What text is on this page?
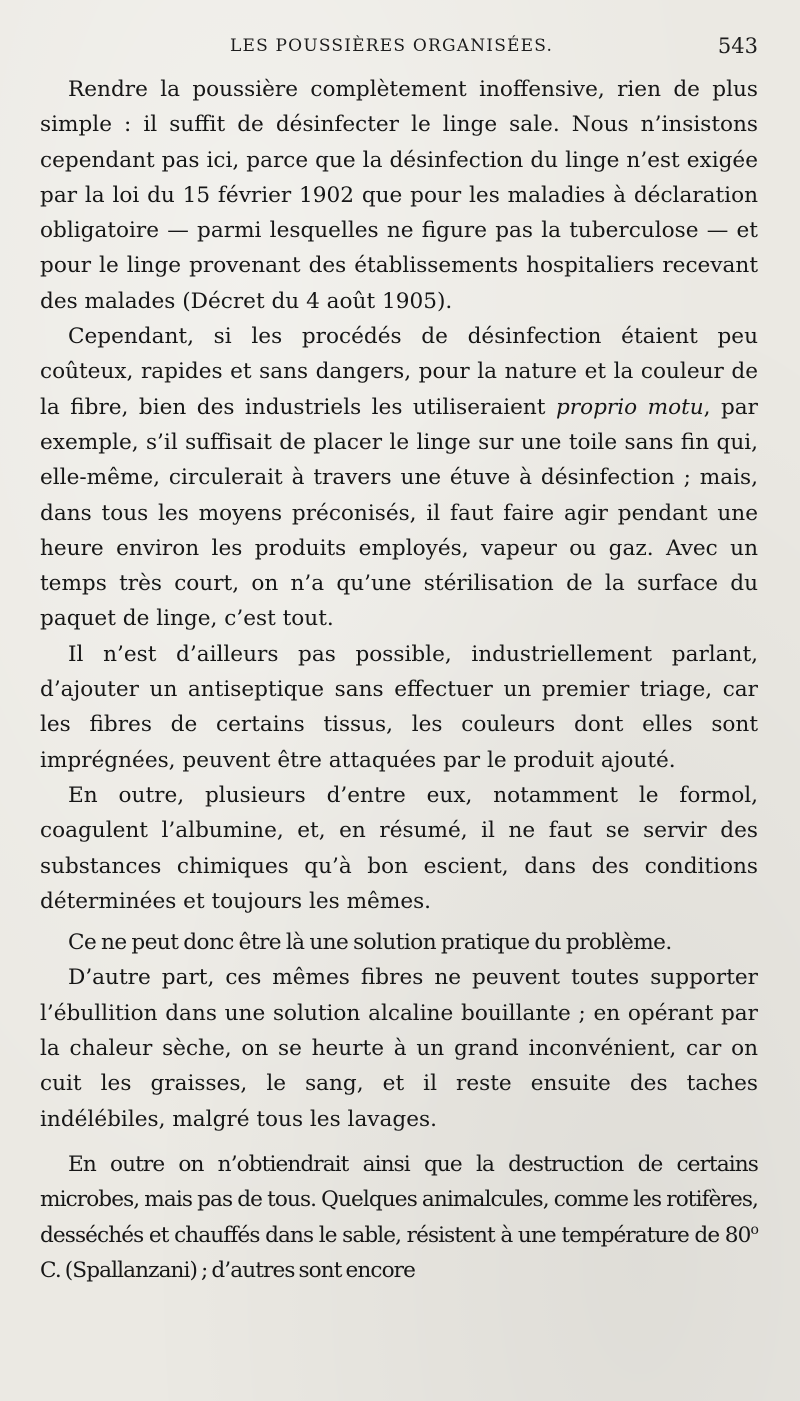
LES POUSSIÈRES ORGANISÉES.	543

Rendre la poussière complètement inoffensive, rien de plus simple : il suffit de désinfecter le linge sale. Nous n’insistons cependant pas ici, parce que la désinfection du linge n’est exigée par la loi du 15 février 1902 que pour les maladies à déclaration obligatoire — parmi lesquelles ne figure pas la tuberculose — et pour le linge provenant des établissements hospitaliers recevant des malades (Décret du 4 août 1905).

Cependant, si les procédés de désinfection étaient peu coûteux, rapides et sans dangers, pour la nature et la couleur de la fibre, bien des industriels les utiliseraient proprio motu, par exemple, s’il suffisait de placer le linge sur une toile sans fin qui, elle-même, circulerait à travers une étuve à désinfection ; mais, dans tous les moyens préconisés, il faut faire agir pendant une heure environ les produits employés, vapeur ou gaz. Avec un temps très court, on n’a qu’une stérilisation de la surface du paquet de linge, c’est tout.

Il n’est d’ailleurs pas possible, industriellement parlant, d’ajouter un antiseptique sans effectuer un premier triage, car les fibres de certains tissus, les couleurs dont elles sont imprégnées, peuvent être attaquées par le produit ajouté.

En outre, plusieurs d’entre eux, notamment le formol, coagulent l’albumine, et, en résumé, il ne faut se servir des substances chimiques qu’à bon escient, dans des conditions déterminées et toujours les mêmes.

Ce ne peut donc être là une solution pratique du problème.

D’autre part, ces mêmes fibres ne peuvent toutes supporter l’ébullition dans une solution alcaline bouillante ; en opérant par la chaleur sèche, on se heurte à un grand inconvénient, car on cuit les graisses, le sang, et il reste ensuite des taches indélébiles, malgré tous les lavages.

En outre on n’obtiendrait ainsi que la destruction de certains microbes, mais pas de tous. Quelques animalcules, comme les rotifères, desséchés et chauffés dans le sable, résistent à une température de 80$^o$ C. (Spallanzani) ; d’autres sont encore
